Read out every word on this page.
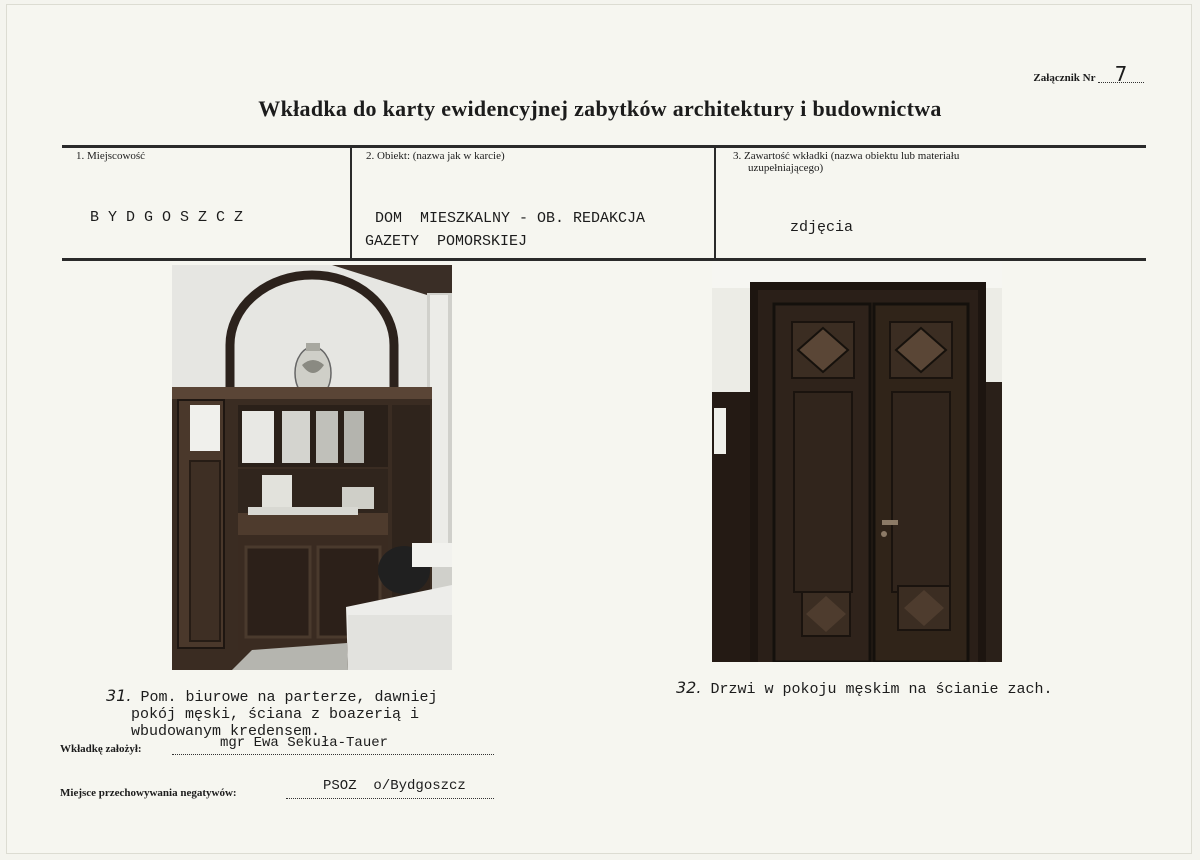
Załącznik Nr 7
Wkładka do karty ewidencyjnej zabytków architektury i budownictwa
1. Miejscowość
B Y D G O S Z C Z
2. Obiekt: (nazwa jak w karcie)
DOM  MIESZKALNY - OB. REDAKCJA
GAZETY  POMORSKIEJ
3. Zawartość wkładki (nazwa obiektu lub materiału
uzupełniającego)
zdjęcia
31. Pom. biurowe na parterze, dawniej
pokój męski, ściana z boazerią i
wbudowanym kredensem.
32. Drzwi w pokoju męskim na ścianie zach.
Wkładkę założył:	mgr Ewa Sekuła-Tauer
Miejsce przechowywania negatywów:	PSOZ  o/Bydgoszcz
